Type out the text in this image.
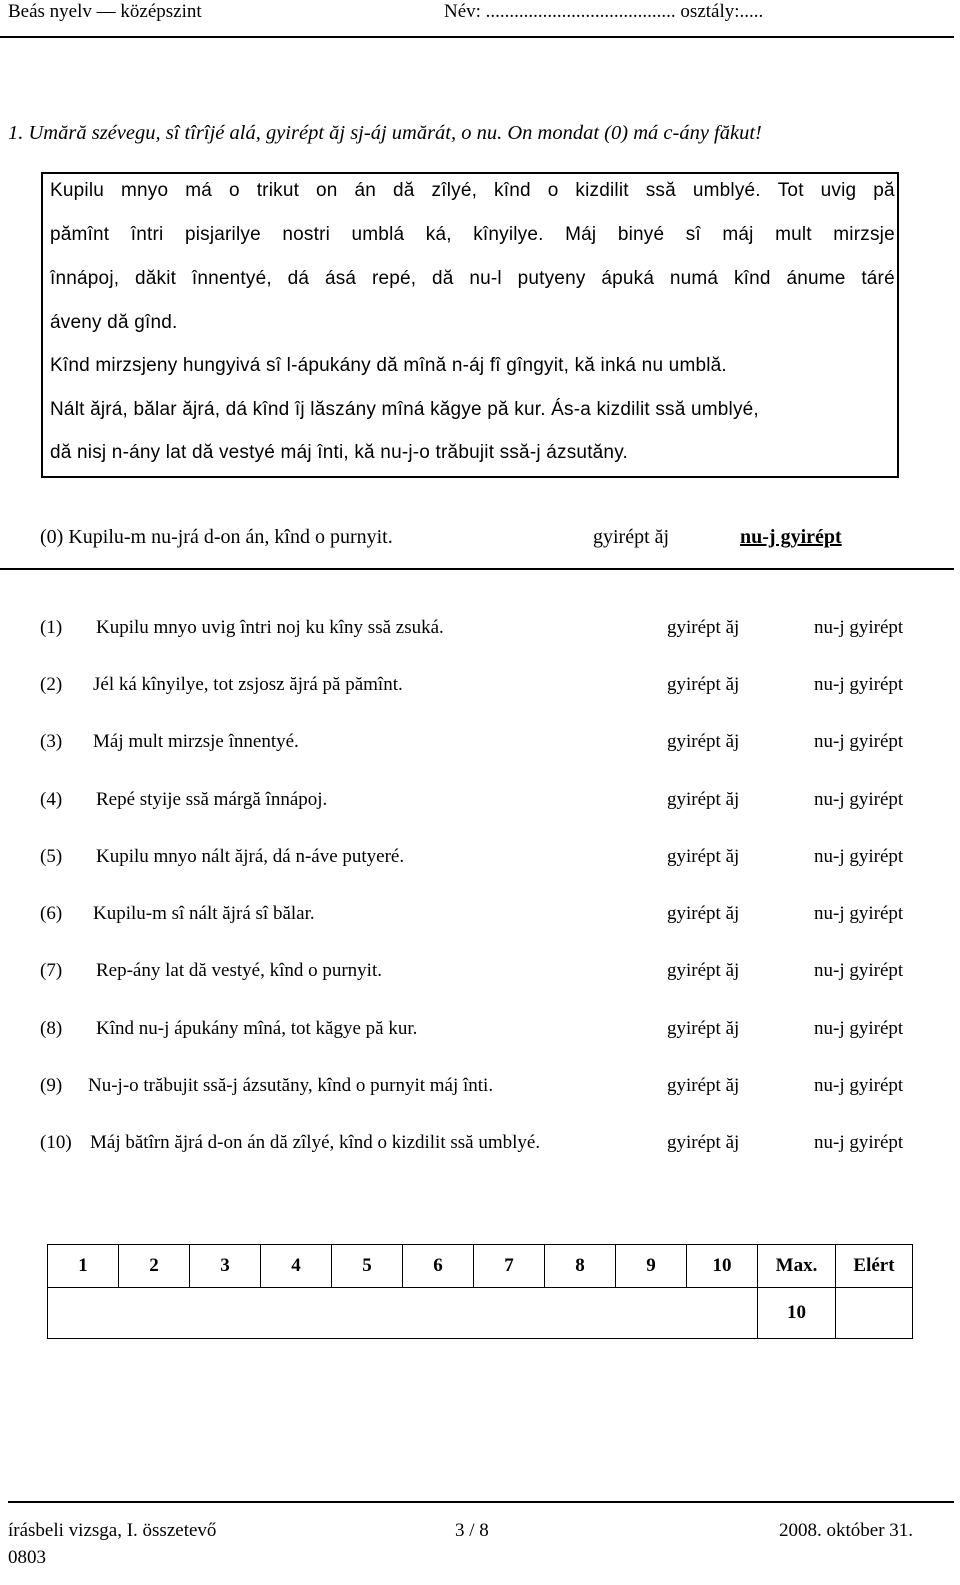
Beás nyelv — középszint	Név: ........................................ osztály:.....
1. Umără szévegu, sî tîrîjé alá, gyirépt ăj sj-áj umărát, o nu. On mondat (0) má c-ány făkut!
Kupilu mnyo má o trikut on án dă zîlyé, kînd o kizdilit ssă umblyé. Tot uvig pă
pămînt întri pisjarilye nostri umblá ká, kînyilye. Máj binyé sî máj mult mirzsje
înnápoj, dăkit înnentyé, dá ásá repé, dă nu-l putyeny ápuká numá kînd ánume táré
áveny dă gînd.
Kînd mirzsjeny hungyivá sî l-ápukány dă mînă n-áj fî gîngyit, kă inká nu umblă.
Nált ăjrá, bălar ăjrá, dá kînd îj lăszány mîná kăgye pă kur. Ás-a kizdilit ssă umblyé,
dă nisj n-ány lat dă vestyé máj înti, kă nu-j-o trăbujit ssă-j ázsutăny.
(0) Kupilu-m nu-jrá d-on án, kînd o purnyit.	gyirépt ăj	nu-j gyirépt
(1) Kupilu mnyo uvig întri noj ku kîny ssă zsuká.	gyirépt ăj	nu-j gyirépt
(2) Jél ká kînyilye, tot zsjosz ăjrá pă pămînt.	gyirépt ăj	nu-j gyirépt
(3) Máj mult mirzsje înnentyé.	gyirépt ăj	nu-j gyirépt
(4) Repé styije ssă márgă înnápoj.	gyirépt ăj	nu-j gyirépt
(5) Kupilu mnyo nált ăjrá, dá n-áve putyeré.	gyirépt ăj	nu-j gyirépt
(6) Kupilu-m sî nált ăjrá sî bălar.	gyirépt ăj	nu-j gyirépt
(7) Rep-ány lat dă vestyé, kînd o purnyit.	gyirépt ăj	nu-j gyirépt
(8) Kînd nu-j ápukány mîná, tot kăgye pă kur.	gyirépt ăj	nu-j gyirépt
(9) Nu-j-o trăbujit ssă-j ázsutăny, kînd o purnyit máj înti.	gyirépt ăj	nu-j gyirépt
(10) Máj bătîrn ăjrá d-on án dă zîlyé, kînd o kizdilit ssă umblyé.	gyirépt ăj	nu-j gyirépt
1	2	3	4	5	6	7	8	9	10	Max.	Elért
										10	
írásbeli vizsga, I. összetevő	3 / 8	2008. október 31.
0803
